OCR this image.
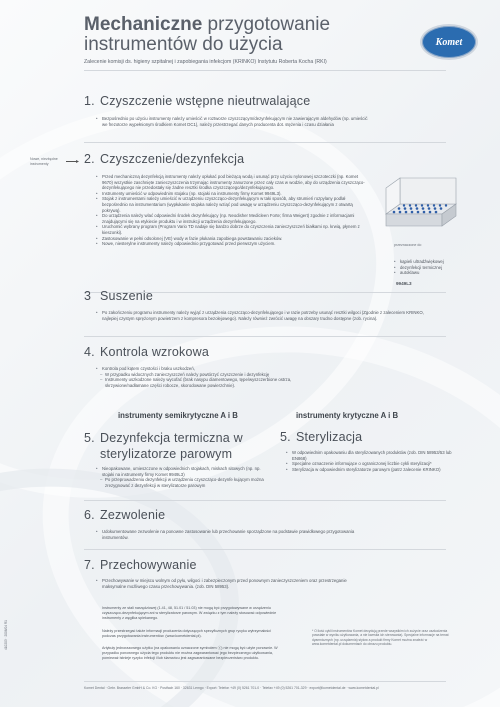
Mechaniczne przygotowanie
instrumentów do użycia
Zalecenie komisji ds. higieny szpitalnej i zapobiegania infekcjom (KRINKO) Instytutu Roberta Kocha (RKI)
Komet
1. Czyszczenie wstępne nieutrwalające
• Bezpośrednio po użyciu instrumenty należy umieścić w roztworze czyszczącym/dezynfekującym nie zawierającym aldehydów (np. umieścić we frezotorze wypełnionym środkiem Komet DC1), należy przestrzegać danych producenta dot. stężenia i czasu działania
Nowe, niezbędne instrumenty	▸ 2. Czyszczenie/dezynfekcja
• Przed mechaniczną dezynfekcją instrumenty należy opłukać pod bieżącą wodą i usunąć przy użyciu nylonowej szczoteczki (np. Komet 9670) wszystkie zaschnięte zanieczyszczenia trzymając instrumenty zanurzone przez cały czas w wodzie, aby do urządzenia czyszcząco-dezynfekującego nie przedostały się żadne resztki środka czyszczącego/dezynfekującego.
• Instrumenty umieścić w odpowiednim stojaku (np. stojaki na instrumenty firmy Komet 9949L3).
• Stojak z instrumentami należy umieścić w urządzeniu czyszcząco-dezynfekującym w taki sposób, aby strumień rozpylany podlał bezpośrednio na instrumentarium (wypłukanie stojaka należy wziąć pod uwagę w urządzeniu czyszcząco-dezynfekującym z otwartą pokrywą).
• Do urządzenia należy wlać odpowiedni środek dezynfekujący (np. Neodisher Medicleen Forte; firma Weigert) zgodnie z informacjami znajdującymi się na etykiecie produktu i w instrukcji urządzenia dezynfekującego.
• Uruchomić wybrany program (Program Vario TD nadaje się bardzo dobrze do czyszczenia zanieczyszczeń białkami np. krwią, płynem z kieszonki).
• Zastosowanie w pełni odsolonej (VE) wody w fazie płukania zapobiega powstawaniu zacieków.
• Nowe, niesterylne instrumenty należy odpowiednio przygotować przed pierwszym użyciem.	przeznaczone do
• kąpieli ultradźwiękowej
• dezynfekcji termicznej
• autoklawu
9949L3
3 Suszenie
• Po zakończeniu programu instrumenty należy wyjąć z urządzenia czyszcząco-dezynfekującego i w razie potrzeby usunąć resztki wilgoci (Zgodnie z zaleceniem KRINKO, najlepiej czystym sprężonym powietrzem z kompresora bezolejowego). Należy również zwrócić uwagę na obszary trudno dostępne (zob. rycina).
4. Kontrola wzrokowa
• Kontrola pod kątem czystości i braku uszkodzeń,
– W przypadku widocznych zanieczyszczeń należy powtórzyć czyszczenie i dezynfekcję
– Instrumenty uszkodzone należy wycofać (brak nasypu diamentowego, tępe/wyszczerbione ostrza, skrzywione/nadłamane części robocze, skorodowane powierzchnie).
instrumenty semikrytyczne A i B	instrumenty krytyczne A i B
5. Dezynfekcja termiczna w
sterylizatorze parowym
• Nieopakowane, umieszczone w odpowiednich stojakach, miskach sitowych (np. np. stojaki na instrumenty firmy Komet 9949L3)
– Po przeprowadzeniu dezynfekcji w urządzeniu czyszcząco-dezynfe kującym można zrezygnować z dezynfekcji w sterylizatorze parowym
5. Sterylizacja
• W odpowiednim opakowaniu dla sterylizowanych produktów (zob. DIN 58953/53 lub EN868)
• Specjalne oznaczenie informujące o ograniczonej liczbie cykli sterylizacji*
• Sterylizacja w odpowiednim sterylizatorze parowym (patrz zalecenie KRINKO)
6. Zezwolenie
• Udokumentowane zezwolenie na ponowne zastosowanie lub przechowanie sporządzone na podstawie prawidłowego przygotowania instrumentów.
7. Przechowywanie
• Przechowywanie w miejscu wolnym od pyłu, wilgoci i zabezpieczonym przed ponownym zanieczyszczeniem oraz przestrzeganie maksymalne możliwego czasu przechowywania. (zob. DIN 58953).
Instrumenty ze stali narzędziowej (1.41, 48, 51.01 / 51.03) nie mogą być przygotowywane w urządzeniu czyszcząco-dezynfekującym ani w sterylizatorze parowym. W związku z tym należy stosować odpowiednie instrumenty z węglika spiekanego.
Należy przestrzegać także informacji producenta dotyczących specyficznych grup rycyku wytrzymałości podczas przygotowania instrumentów. (www.kometdental.pl).
Artykuły jednorazowego użytku (na opakowaniu oznaczone symbolem ⓧ) nie mogą być użyte ponownie. W przypadku ponownego użycia tego produktu nie można zagwarantować jego bezpiecznego użytkowania, pomieważ istnieje ryzyko infekcji i/lub ślamańcu jest zagwarantowane bezpieczeństwo produktu.
* O ilość cykli instrumentów Komet decydują przede wszystkim ich zużycie oraz uszkodzenia powstałe w wyniku użytkowania, a nie kwestia ich sterowania). Specjalne informacje na temat dyamnicznych (np. urządzenia) stylow a produkt firmy Komet można znaleźć w www.kometdental.pl dokumentach do obrazu produktu.
410203 · 2006/04 R1
Komet Dental · Gebr. Brasseler GmbH & Co. KG · Postfach 160 · 32631 Lemgo · Export: Telefon +49 (0) 5261 701-0 · Telefax +49 (0) 5261 701-329 · export@kometdental.de · www.kometdental.pl
